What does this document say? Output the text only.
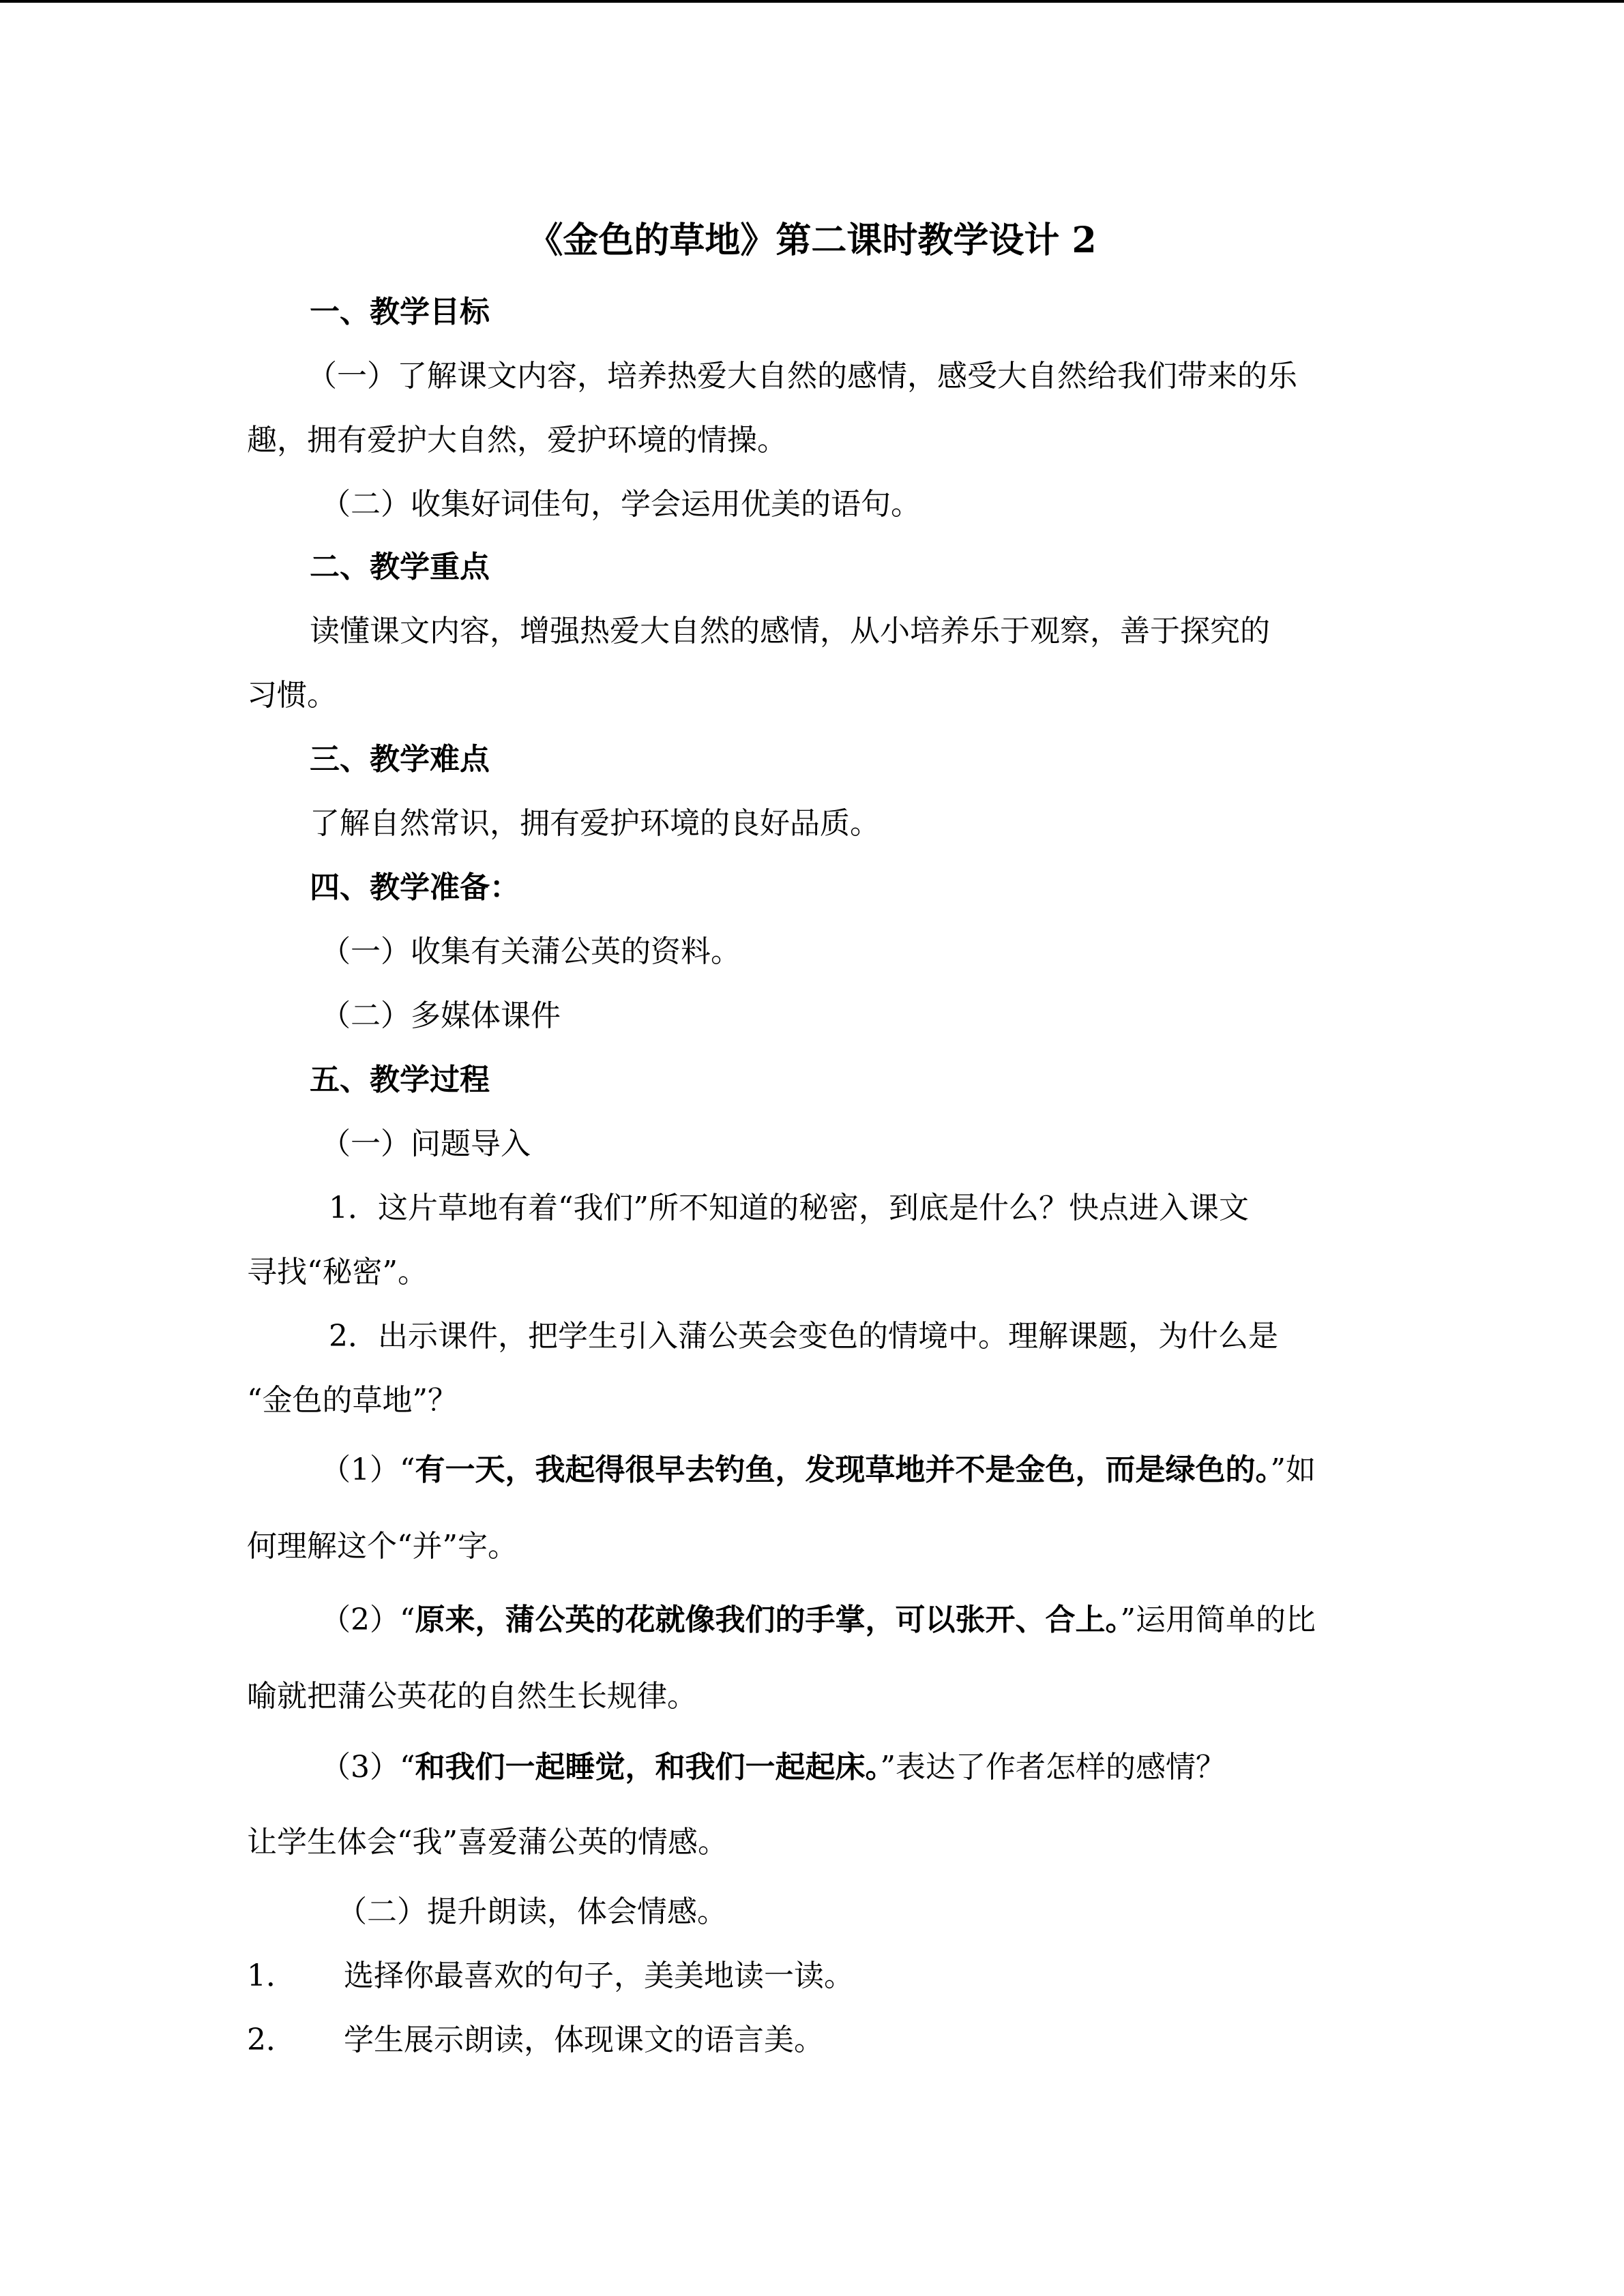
《金色的草地》第二课时教学设计 2
一、教学目标
（一）了解课文内容，培养热爱大自然的感情，感受大自然给我们带来的乐
趣，拥有爱护大自然，爱护环境的情操。
（二）收集好词佳句，学会运用优美的语句。
二、教学重点
读懂课文内容，增强热爱大自然的感情，从小培养乐于观察，善于探究的
习惯。
三、教学难点
了解自然常识，拥有爱护环境的良好品质。
四、教学准备：
（一）收集有关蒲公英的资料。
（二）多媒体课件
五、教学过程
（一）问题导入
1．这片草地有着“我们”所不知道的秘密，到底是什么？快点进入课文
寻找“秘密”。
2．出示课件，把学生引入蒲公英会变色的情境中。理解课题，为什么是
“金色的草地”？
（1）“有一天，我起得很早去钓鱼，发现草地并不是金色，而是绿色的。”如
何理解这个“并”字。
（2）“原来，蒲公英的花就像我们的手掌，可以张开、合上。”运用简单的比
喻就把蒲公英花的自然生长规律。
（3）“和我们一起睡觉，和我们一起起床。”表达了作者怎样的感情？
让学生体会“我”喜爱蒲公英的情感。
（二）提升朗读，体会情感。
1． 选择你最喜欢的句子，美美地读一读。
2． 学生展示朗读，体现课文的语言美。
